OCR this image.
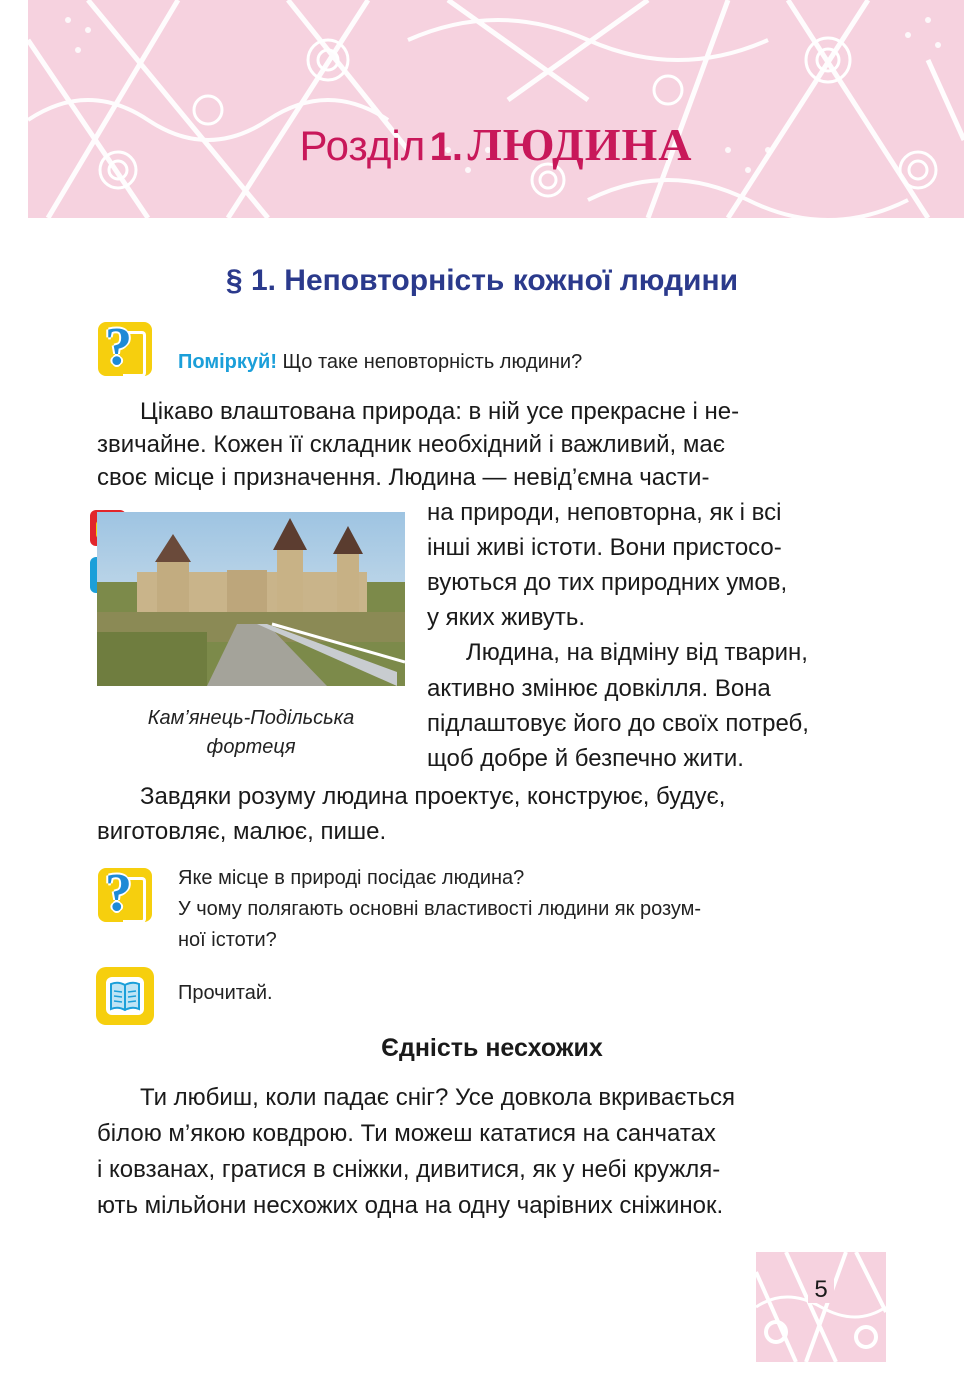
Розділ 1. ЛЮДИНА
§ 1. Неповторність кожної людини
? Поміркуй! Що таке неповторність людини?
Цікаво влаштована природа: в ній усе прекрасне і не-
звичайне. Кожен її складник необхідний і важливий, має
своє місце і призначення. Людина — невід’ємна части-
на природи, неповторна, як і всі
інші живі істоти. Вони пристосо-
вуються до тих природних умов,
у яких живуть.
Людина, на відміну від тварин,
активно змінює довкілля. Вона
підлаштовує його до своїх потреб,
щоб добре й безпечно жити.
Кам’янець-Подільська
фортеця
Завдяки розуму людина проектує, конструює, будує,
виготовляє, малює, пише.
? Яке місце в природі посідає людина?
У чому полягають основні властивості людини як розум-
ної істоти?
Прочитай.
Єдність несхожих
Ти любиш, коли падає сніг? Усе довкола вкривається
білою м’якою ковдрою. Ти можеш кататися на санчатах
і ковзанах, гратися в сніжки, дивитися, як у небі кружля-
ють мільйони несхожих одна на одну чарівних сніжинок.
5
